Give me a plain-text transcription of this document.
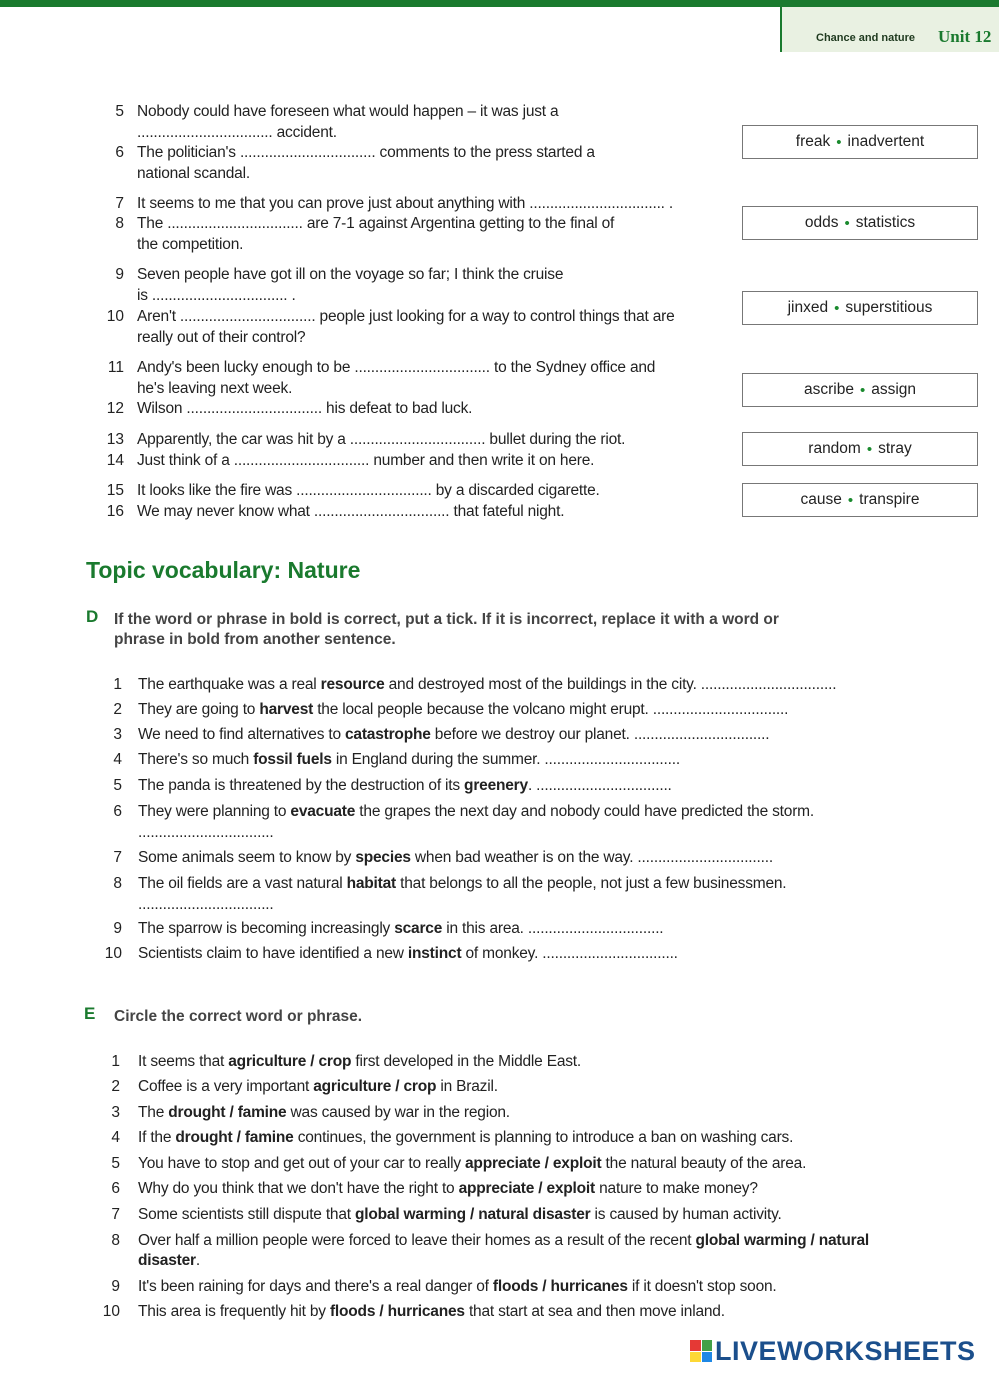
Chance and nature Unit 12
5 Nobody could have foreseen what would happen – it was just a
................................. accident.
6 The politician's ................................. comments to the press started a
national scandal.
7 It seems to me that you can prove just about anything with ................................. .
8 The ................................. are 7-1 against Argentina getting to the final of
the competition.
9 Seven people have got ill on the voyage so far; I think the cruise
is ................................. .
10 Aren't ................................. people just looking for a way to control things that are
really out of their control?
11 Andy's been lucky enough to be ................................. to the Sydney office and
he's leaving next week.
12 Wilson ................................. his defeat to bad luck.
13 Apparently, the car was hit by a ................................. bullet during the riot.
14 Just think of a ................................. number and then write it on here.
15 It looks like the fire was ................................. by a discarded cigarette.
16 We may never know what ................................. that fateful night.
freak • inadvertent
odds • statistics
jinxed • superstitious
ascribe • assign
random • stray
cause • transpire
Topic vocabulary: Nature
D If the word or phrase in bold is correct, put a tick. If it is incorrect, replace it with a word or
phrase in bold from another sentence.
1 The earthquake was a real resource and destroyed most of the buildings in the city. .................................
2 They are going to harvest the local people because the volcano might erupt. .................................
3 We need to find alternatives to catastrophe before we destroy our planet. .................................
4 There's so much fossil fuels in England during the summer. .................................
5 The panda is threatened by the destruction of its greenery. .................................
6 They were planning to evacuate the grapes the next day and nobody could have predicted the storm.
.................................
7 Some animals seem to know by species when bad weather is on the way. .................................
8 The oil fields are a vast natural habitat that belongs to all the people, not just a few businessmen.
.................................
9 The sparrow is becoming increasingly scarce in this area. .................................
10 Scientists claim to have identified a new instinct of monkey. .................................
E Circle the correct word or phrase.
1 It seems that agriculture / crop first developed in the Middle East.
2 Coffee is a very important agriculture / crop in Brazil.
3 The drought / famine was caused by war in the region.
4 If the drought / famine continues, the government is planning to introduce a ban on washing cars.
5 You have to stop and get out of your car to really appreciate / exploit the natural beauty of the area.
6 Why do you think that we don't have the right to appreciate / exploit nature to make money?
7 Some scientists still dispute that global warming / natural disaster is caused by human activity.
8 Over half a million people were forced to leave their homes as a result of the recent global warming / natural disaster.
9 It's been raining for days and there's a real danger of floods / hurricanes if it doesn't stop soon.
10 This area is frequently hit by floods / hurricanes that start at sea and then move inland.
LIVEWORKSHEETS
